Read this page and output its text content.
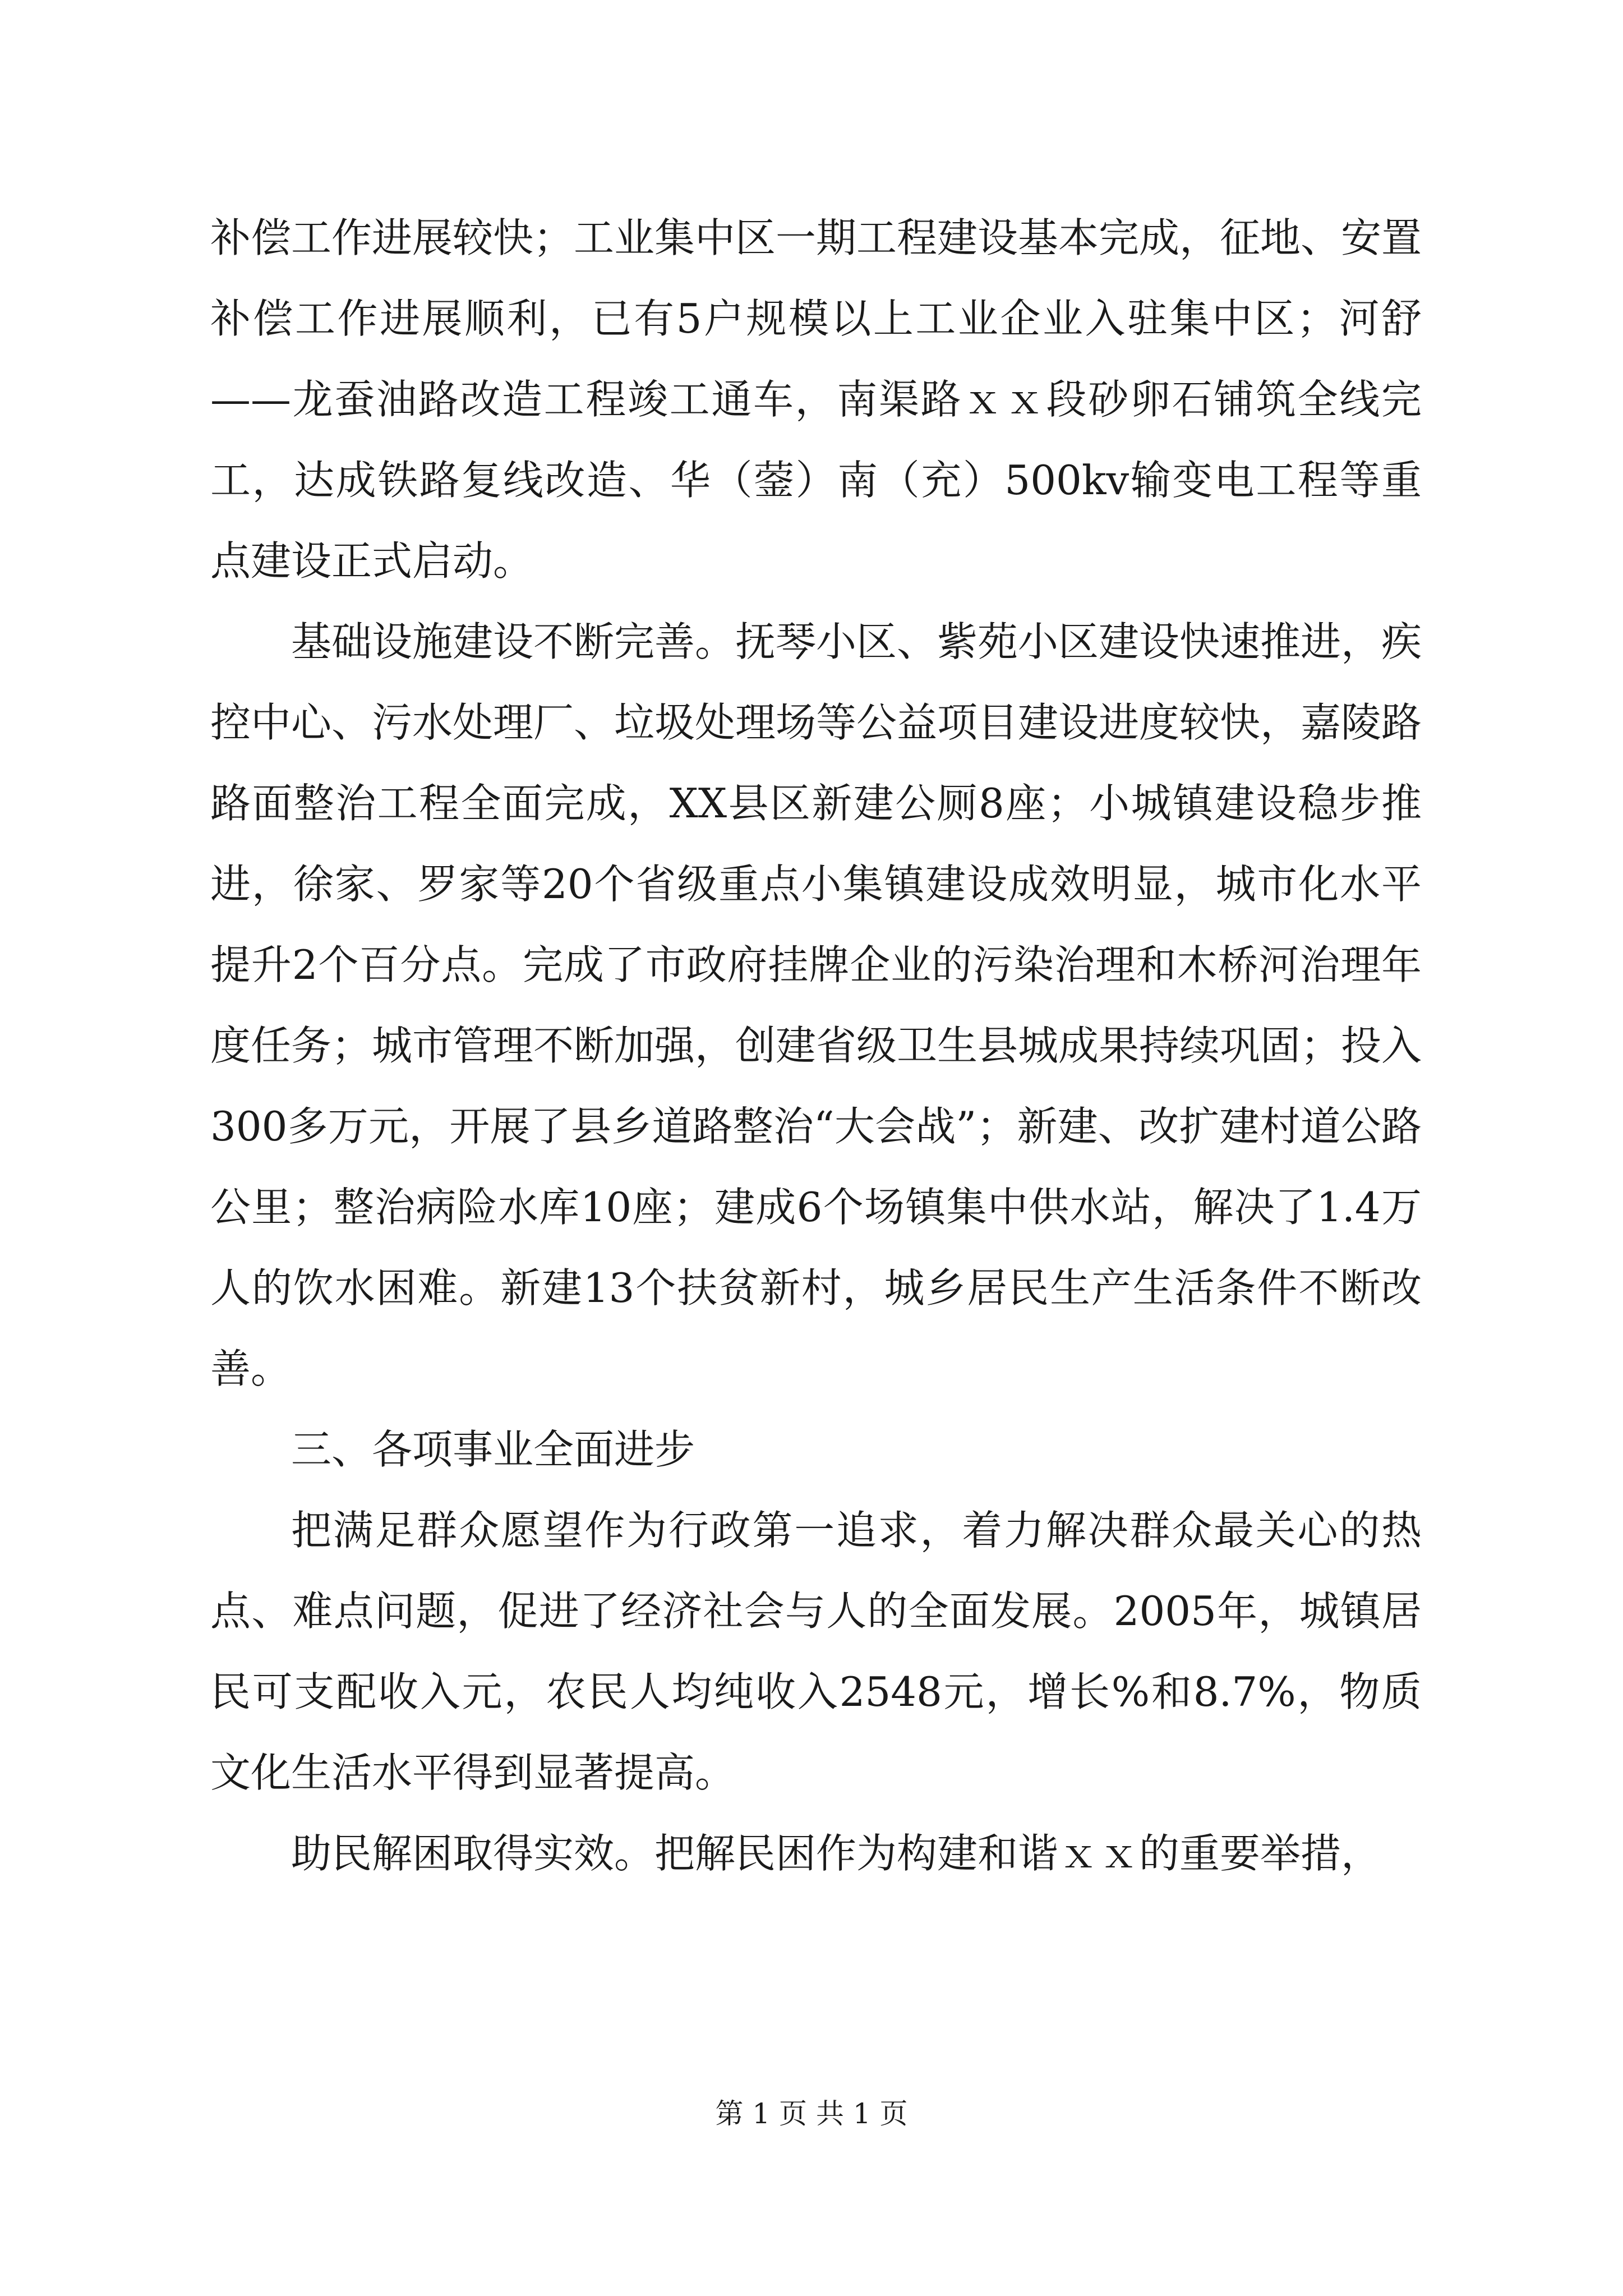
补偿工作进展较快；工业集中区一期工程建设基本完成，征地、安置补偿工作进展顺利，已有5户规模以上工业企业入驻集中区；河舒——龙蚕油路改造工程竣工通车，南渠路ｘｘ段砂卵石铺筑全线完工，达成铁路复线改造、华（蓥）南（充）500kv输变电工程等重点建设正式启动。

基础设施建设不断完善。抚琴小区、紫苑小区建设快速推进，疾控中心、污水处理厂、垃圾处理场等公益项目建设进度较快，嘉陵路路面整治工程全面完成，XX县区新建公厕8座；小城镇建设稳步推进，徐家、罗家等20个省级重点小集镇建设成效明显，城市化水平提升2个百分点。完成了市政府挂牌企业的污染治理和木桥河治理年度任务；城市管理不断加强，创建省级卫生县城成果持续巩固；投入300多万元，开展了县乡道路整治“大会战”；新建、改扩建村道公路公里；整治病险水库10座；建成6个场镇集中供水站，解决了1.4万人的饮水困难。新建13个扶贫新村，城乡居民生产生活条件不断改善。

三、各项事业全面进步

把满足群众愿望作为行政第一追求，着力解决群众最关心的热点、难点问题，促进了经济社会与人的全面发展。2005年，城镇居民可支配收入元，农民人均纯收入2548元，增长%和8.7%，物质文化生活水平得到显著提高。

助民解困取得实效。把解民困作为构建和谐ｘｘ的重要举措，

第 1 页 共 1 页
